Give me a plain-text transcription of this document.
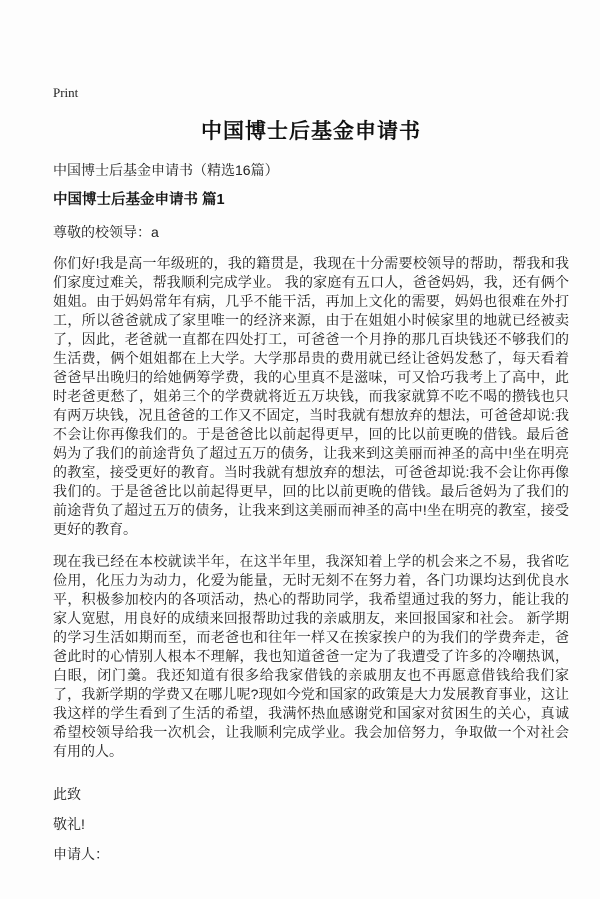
Print
中国博士后基金申请书

中国博士后基金申请书（精选16篇）

中国博士后基金申请书 篇1

尊敬的校领导：a

你们好!我是高一年级班的，我的籍贯是，我现在十分需要校领导的帮助，帮我和我们家度过难关，帮我顺利完成学业。 我的家庭有五口人，爸爸妈妈，我，还有俩个姐姐。由于妈妈常年有病，几乎不能干活，再加上文化的需要，妈妈也很难在外打工，所以爸爸就成了家里唯一的经济来源，由于在姐姐小时候家里的地就已经被卖了，因此，老爸就一直都在四处打工，可爸爸一个月挣的那几百块钱还不够我们的生活费，俩个姐姐都在上大学。大学那昂贵的费用就已经让爸妈发愁了，每天看着爸爸早出晚归的给她俩筹学费，我的心里真不是滋味，可又恰巧我考上了高中，此时老爸更愁了，姐弟三个的学费就将近五万块钱，而我家就算不吃不喝的攒钱也只有两万块钱，况且爸爸的工作又不固定，当时我就有想放弃的想法，可爸爸却说:我不会让你再像我们的。于是爸爸比以前起得更早，回的比以前更晚的借钱。最后爸妈为了我们的前途背负了超过五万的债务，让我来到这美丽而神圣的高中!坐在明亮的教室，接受更好的教育。当时我就有想放弃的想法，可爸爸却说:我不会让你再像我们的。于是爸爸比以前起得更早，回的比以前更晚的借钱。最后爸妈为了我们的前途背负了超过五万的债务，让我来到这美丽而神圣的高中!坐在明亮的教室，接受更好的教育。

现在我已经在本校就读半年，在这半年里，我深知着上学的机会来之不易，我省吃俭用，化压力为动力，化爱为能量，无时无刻不在努力着，各门功课均达到优良水平，积极参加校内的各项活动，热心的帮助同学，我希望通过我的努力，能让我的家人宽慰，用良好的成绩来回报帮助过我的亲戚朋友，来回报国家和社会。 新学期的学习生活如期而至，而老爸也和往年一样又在挨家挨户的为我们的学费奔走，爸爸此时的心情别人根本不理解，我也知道爸爸一定为了我遭受了许多的冷嘲热讽，白眼，闭门羹。我还知道有很多给我家借钱的亲戚朋友也不再愿意借钱给我们家了，我新学期的学费又在哪儿呢?现如今党和国家的政策是大力发展教育事业，这让我这样的学生看到了生活的希望，我满怀热血感谢党和国家对贫困生的关心，真诚希望校领导给我一次机会，让我顺利完成学业。我会加倍努力，争取做一个对社会有用的人。

此致

敬礼!

申请人：
